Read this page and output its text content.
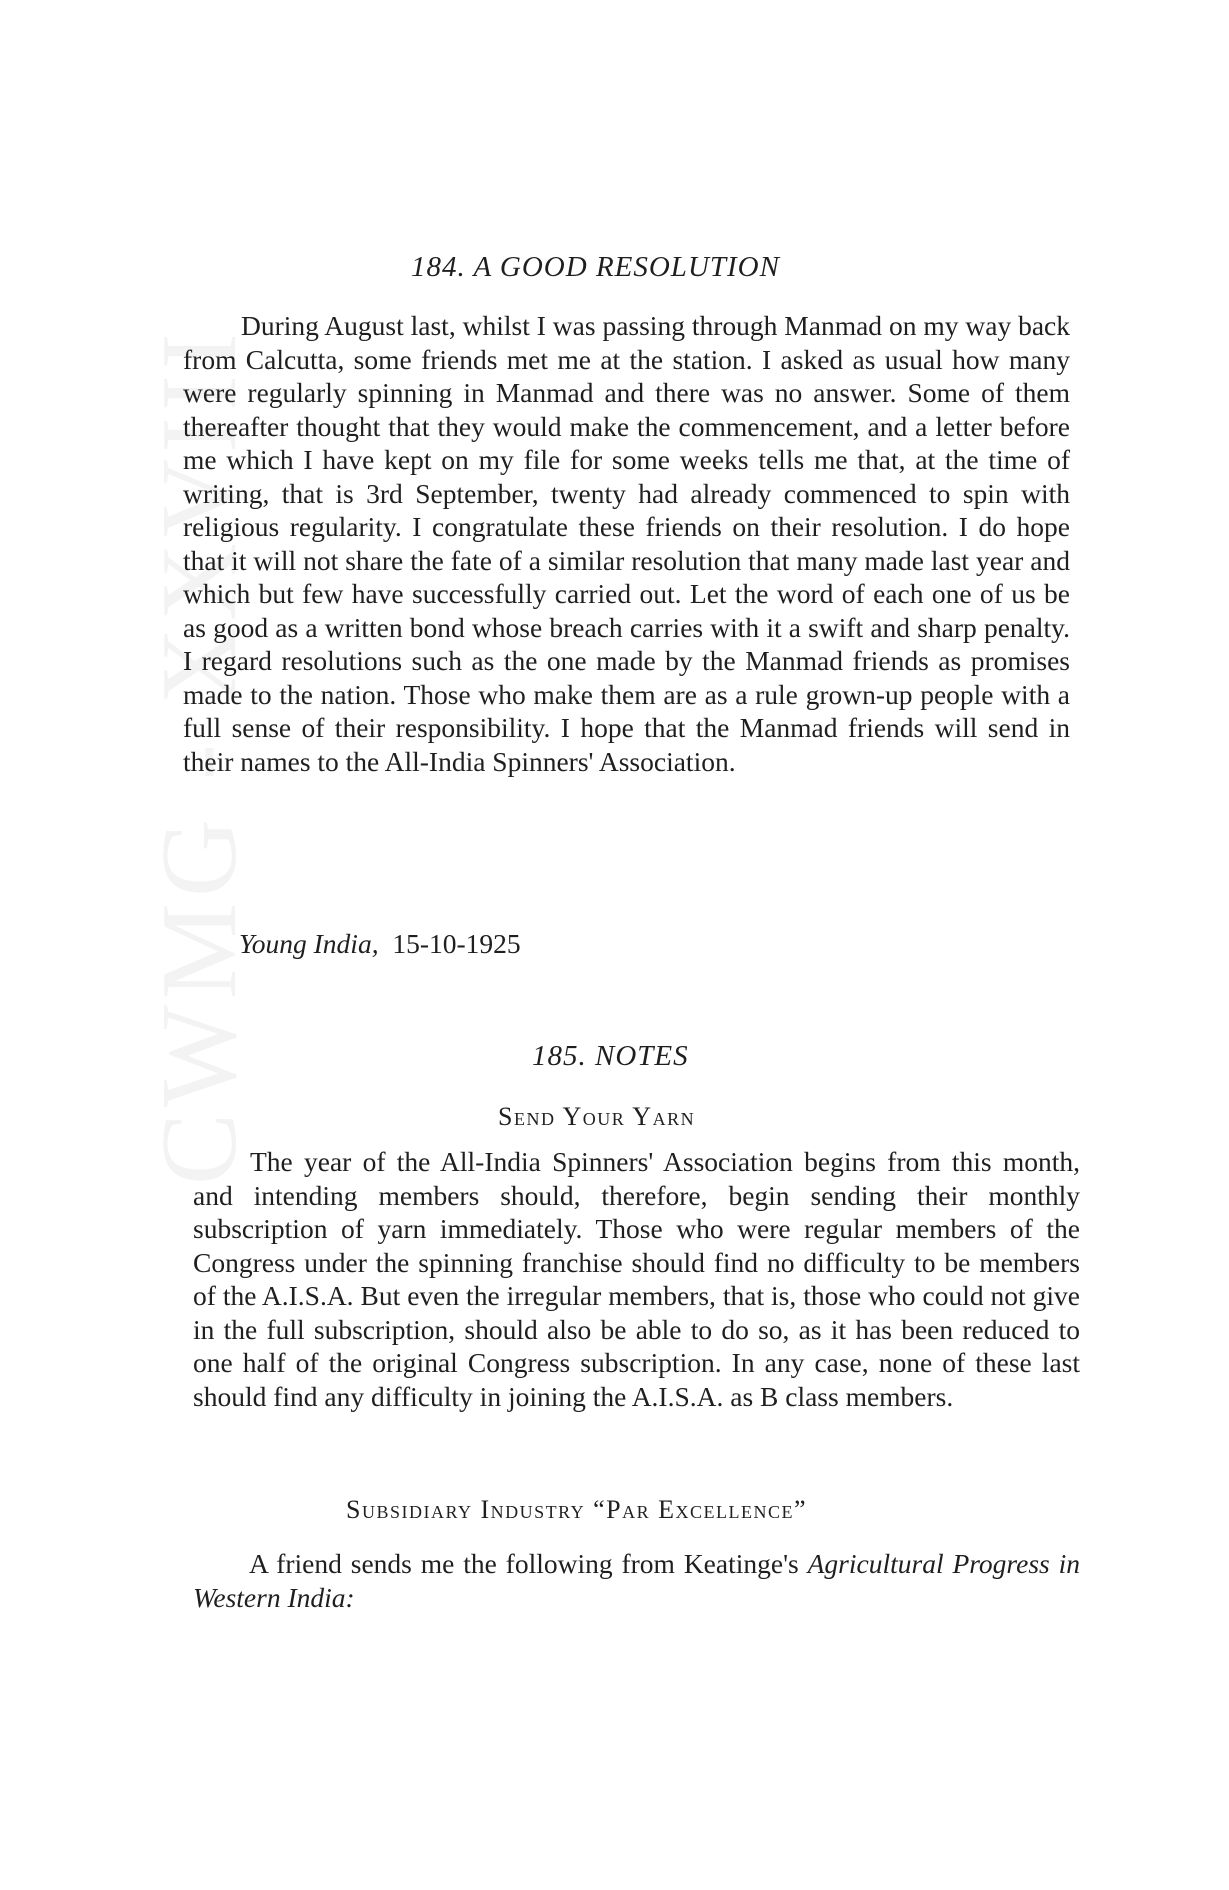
CWMG - XXVIII
184. A GOOD RESOLUTION

During August last, whilst I was passing through Manmad on my way back from Calcutta, some friends met me at the station. I asked as usual how many were regularly spinning in Manmad and there was no answer. Some of them thereafter thought that they would make the commencement, and a letter before me which I have kept on my file for some weeks tells me that, at the time of writing, that is 3rd September, twenty had already commenced to spin with religious regularity. I congratulate these friends on their resolution. I do hope that it will not share the fate of a similar resolution that many made last year and which but few have successfully carried out. Let the word of each one of us be as good as a written bond whose breach carries with it a swift and sharp penalty. I regard resolutions such as the one made by the Manmad friends as promises made to the nation. Those who make them are as a rule grown-up people with a full sense of their responsibility. I hope that the Manmad friends will send in their names to the All-India Spinners' Association.

Young India, 15-10-1925
185. NOTES
Send Your Yarn

The year of the All-India Spinners' Association begins from this month, and intending members should, therefore, begin sending their monthly subscription of yarn immediately. Those who were regular members of the Congress under the spinning franchise should find no difficulty to be members of the A.I.S.A. But even the irregular members, that is, those who could not give in the full subscription, should also be able to do so, as it has been reduced to one half of the original Congress subscription. In any case, none of these last should find any difficulty in joining the A.I.S.A. as B class members.

Subsidiary Industry “Par Excellence”

A friend sends me the following from Keatinge's Agricultural Progress in Western India:
